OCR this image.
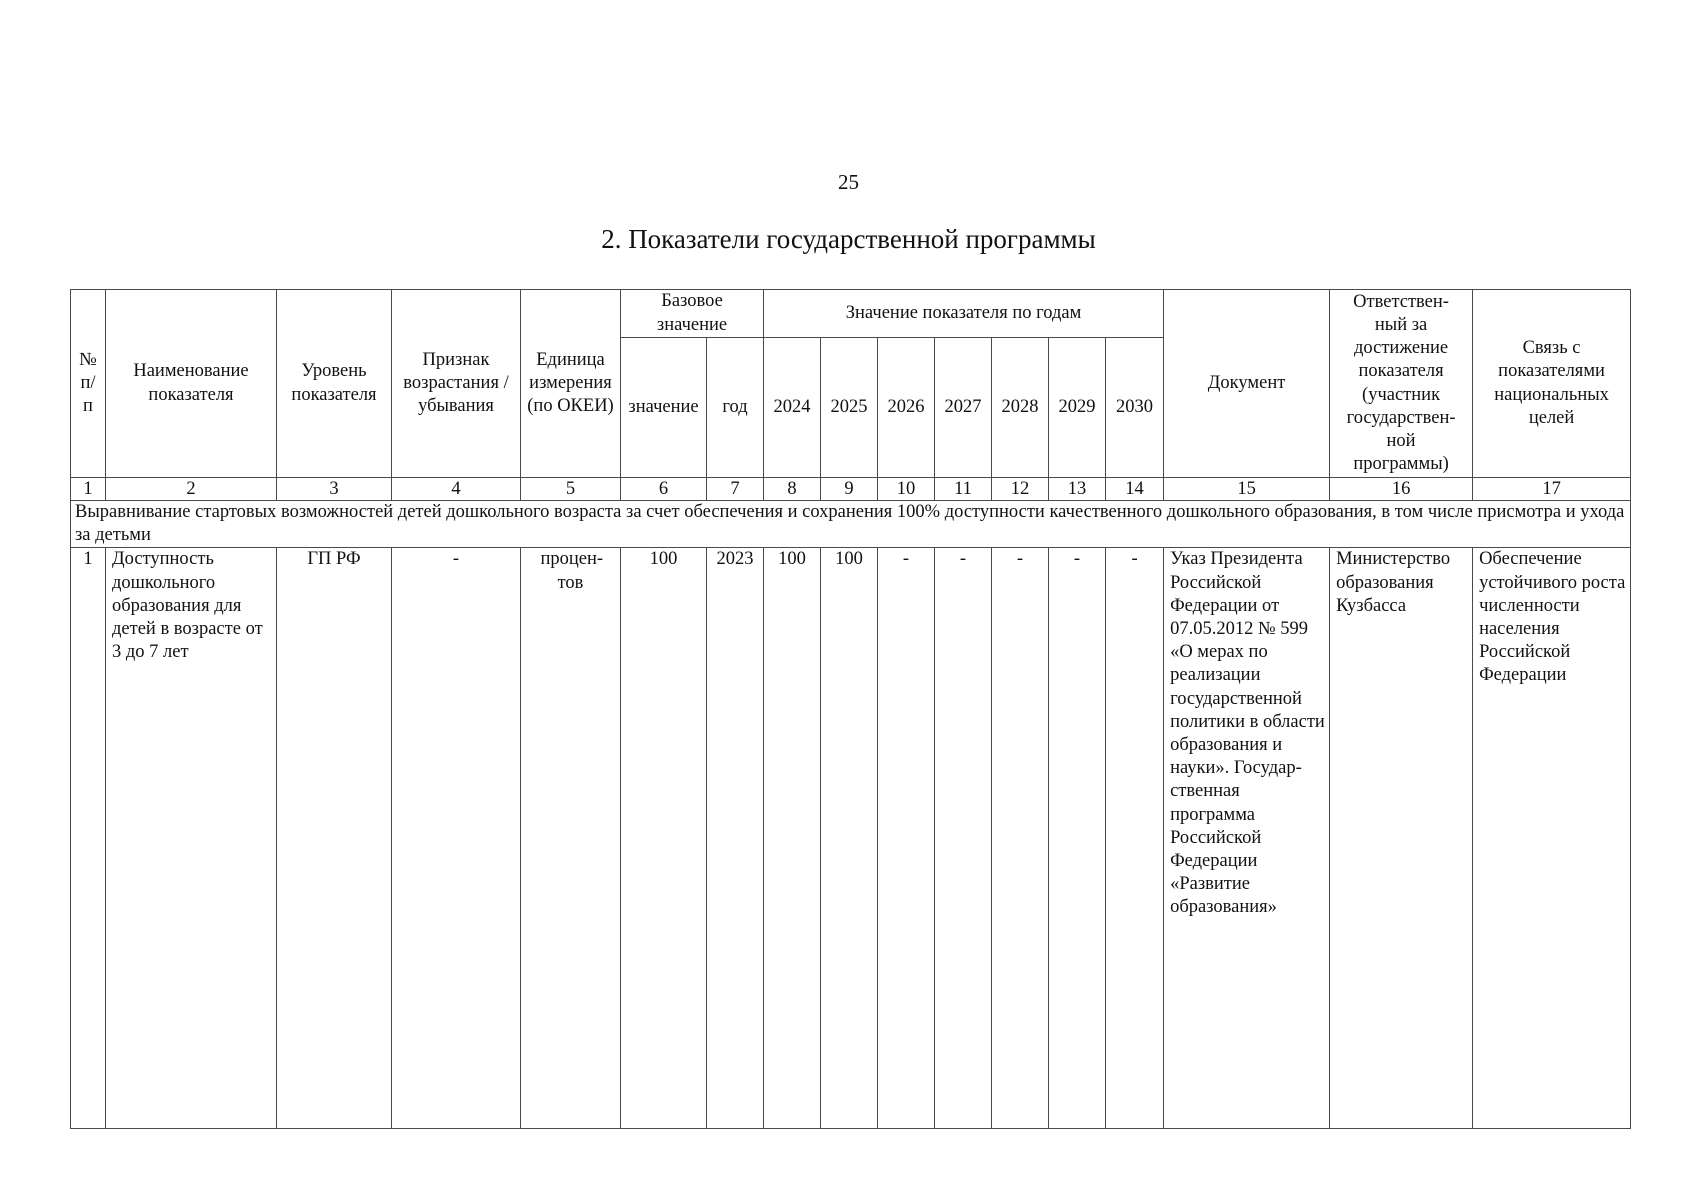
25
2. Показатели государственной программы
№ п/п	Наименование показателя	Уровень показателя	Признак возрастания / убывания	Единица измерения (по ОКЕИ)	Базовое значение		Значение показателя по годам							Документ	Ответствен-ный за достижение показателя (участник государствен-ной программы)	Связь с показателями национальных целей

					значение	год	2024	2025	2026	2027	2028	2029	2030			
1	2	3	4	5	6	7	8	9	10	11	12	13	14	15	16	17
Выравнивание стартовых возможностей детей дошкольного возраста за счет обеспечения и сохранения 100% доступности качественного дошкольного образования, в том числе присмотра и ухода за детьми																
1	Доступность дошкольного образования для детей в возрасте от 3 до 7 лет	ГП РФ	-	процен-тов	100	2023	100	100	-	-	-	-	-	Указ Президента Российской Федерации от 07.05.2012 № 599 «О мерах по реализации государственной политики в области образования и науки». Государ-ственная программа Российской Федерации «Развитие образования»	Министерство образования Кузбасса	Обеспечение устойчивого роста численности населения Российской Федерации
